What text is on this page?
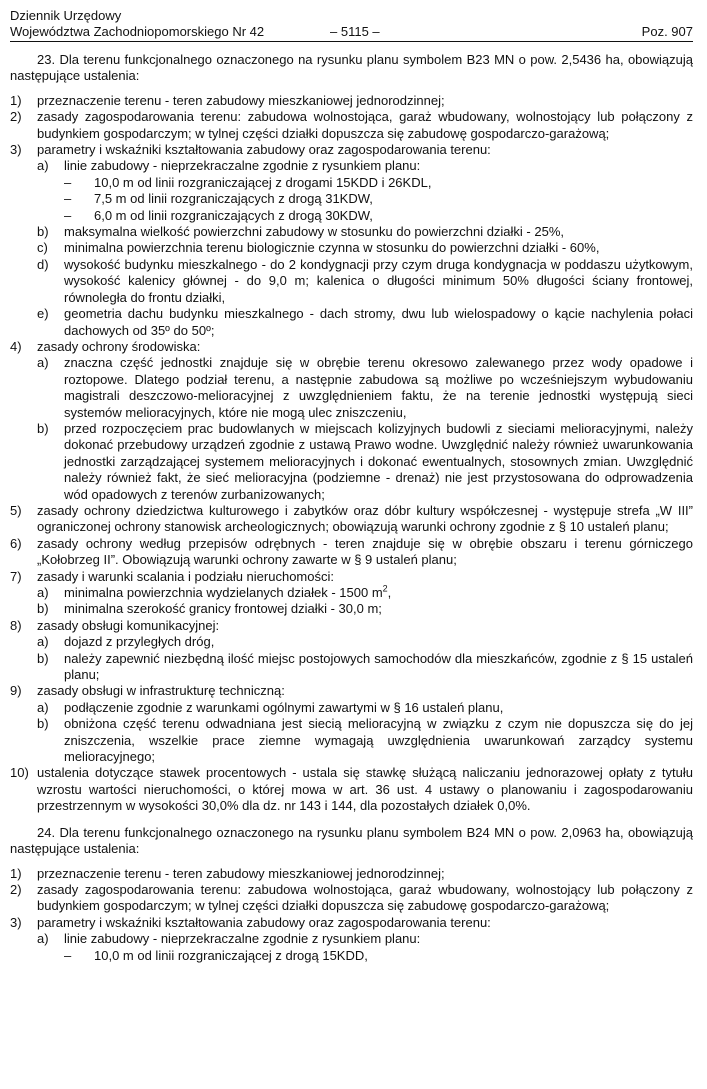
Dziennik Urzędowy
Województwa Zachodniopomorskiego Nr 42	– 5115 –	Poz. 907
23. Dla terenu funkcjonalnego oznaczonego na rysunku planu symbolem B23 MN o pow. 2,5436 ha, obowiązują następujące ustalenia:
1) przeznaczenie terenu - teren zabudowy mieszkaniowej jednorodzinnej;
2) zasady zagospodarowania terenu: zabudowa wolnostojąca, garaż wbudowany, wolnostojący lub połączony z budynkiem gospodarczym; w tylnej części działki dopuszcza się zabudowę gospodarczo-garażową;
3) parametry i wskaźniki kształtowania zabudowy oraz zagospodarowania terenu:
a) linie zabudowy - nieprzekraczalne zgodnie z rysunkiem planu:
– 10,0 m od linii rozgraniczającej z drogami 15KDD i 26KDL,
– 7,5 m od linii rozgraniczających z drogą 31KDW,
– 6,0 m od linii rozgraniczających z drogą 30KDW,
b) maksymalna wielkość powierzchni zabudowy w stosunku do powierzchni działki - 25%,
c) minimalna powierzchnia terenu biologicznie czynna w stosunku do powierzchni działki - 60%,
d) wysokość budynku mieszkalnego - do 2 kondygnacji przy czym druga kondygnacja w poddaszu użytkowym, wysokość kalenicy głównej - do 9,0 m; kalenica o długości minimum 50% długości ściany frontowej, równoległa do frontu działki,
e) geometria dachu budynku mieszkalnego - dach stromy, dwu lub wielospadowy o kącie nachylenia połaci dachowych od 35º do 50º;
4) zasady ochrony środowiska:
a) znaczna część jednostki znajduje się w obrębie terenu okresowo zalewanego przez wody opadowe i roztopowe. Dlatego podział terenu, a następnie zabudowa są możliwe po wcześniejszym wybudowaniu magistrali deszczowo-melioracyjnej z uwzględnieniem faktu, że na terenie jednostki występują sieci systemów melioracyjnych, które nie mogą ulec zniszczeniu,
b) przed rozpoczęciem prac budowlanych w miejscach kolizyjnych budowli z sieciami melioracyjnymi, należy dokonać przebudowy urządzeń zgodnie z ustawą Prawo wodne. Uwzględnić należy również uwarunkowania jednostki zarządzającej systemem melioracyjnych i dokonać ewentualnych, stosownych zmian. Uwzględnić należy również fakt, że sieć melioracyjna (podziemne - drenaż) nie jest przystosowana do odprowadzenia wód opadowych z terenów zurbanizowanych;
5) zasady ochrony dziedzictwa kulturowego i zabytków oraz dóbr kultury współczesnej - występuje strefa „W III” ograniczonej ochrony stanowisk archeologicznych; obowiązują warunki ochrony zgodnie z § 10 ustaleń planu;
6) zasady ochrony według przepisów odrębnych - teren znajduje się w obrębie obszaru i terenu górniczego „Kołobrzeg II”. Obowiązują warunki ochrony zawarte w § 9 ustaleń planu;
7) zasady i warunki scalania i podziału nieruchomości:
a) minimalna powierzchnia wydzielanych działek - 1500 $m^2$,
b) minimalna szerokość granicy frontowej działki - 30,0 m;
8) zasady obsługi komunikacyjnej:
a) dojazd z przyległych dróg,
b) należy zapewnić niezbędną ilość miejsc postojowych samochodów dla mieszkańców, zgodnie z § 15 ustaleń planu;
9) zasady obsługi w infrastrukturę techniczną:
a) podłączenie zgodnie z warunkami ogólnymi zawartymi w § 16 ustaleń planu,
b) obniżona część terenu odwadniana jest siecią melioracyjną w związku z czym nie dopuszcza się do jej zniszczenia, wszelkie prace ziemne wymagają uwzględnienia uwarunkowań zarządcy systemu melioracyjnego;
10) ustalenia dotyczące stawek procentowych - ustala się stawkę służącą naliczaniu jednorazowej opłaty z tytułu wzrostu wartości nieruchomości, o której mowa w art. 36 ust. 4 ustawy o planowaniu i zagospodarowaniu przestrzennym w wysokości 30,0% dla dz. nr 143 i 144, dla pozostałych działek 0,0%.
24. Dla terenu funkcjonalnego oznaczonego na rysunku planu symbolem B24 MN o pow. 2,0963 ha, obowiązują następujące ustalenia:
1) przeznaczenie terenu - teren zabudowy mieszkaniowej jednorodzinnej;
2) zasady zagospodarowania terenu: zabudowa wolnostojąca, garaż wbudowany, wolnostojący lub połączony z budynkiem gospodarczym; w tylnej części działki dopuszcza się zabudowę gospodarczo-garażową;
3) parametry i wskaźniki kształtowania zabudowy oraz zagospodarowania terenu:
a) linie zabudowy - nieprzekraczalne zgodnie z rysunkiem planu:
– 10,0 m od linii rozgraniczającej z drogą 15KDD,
